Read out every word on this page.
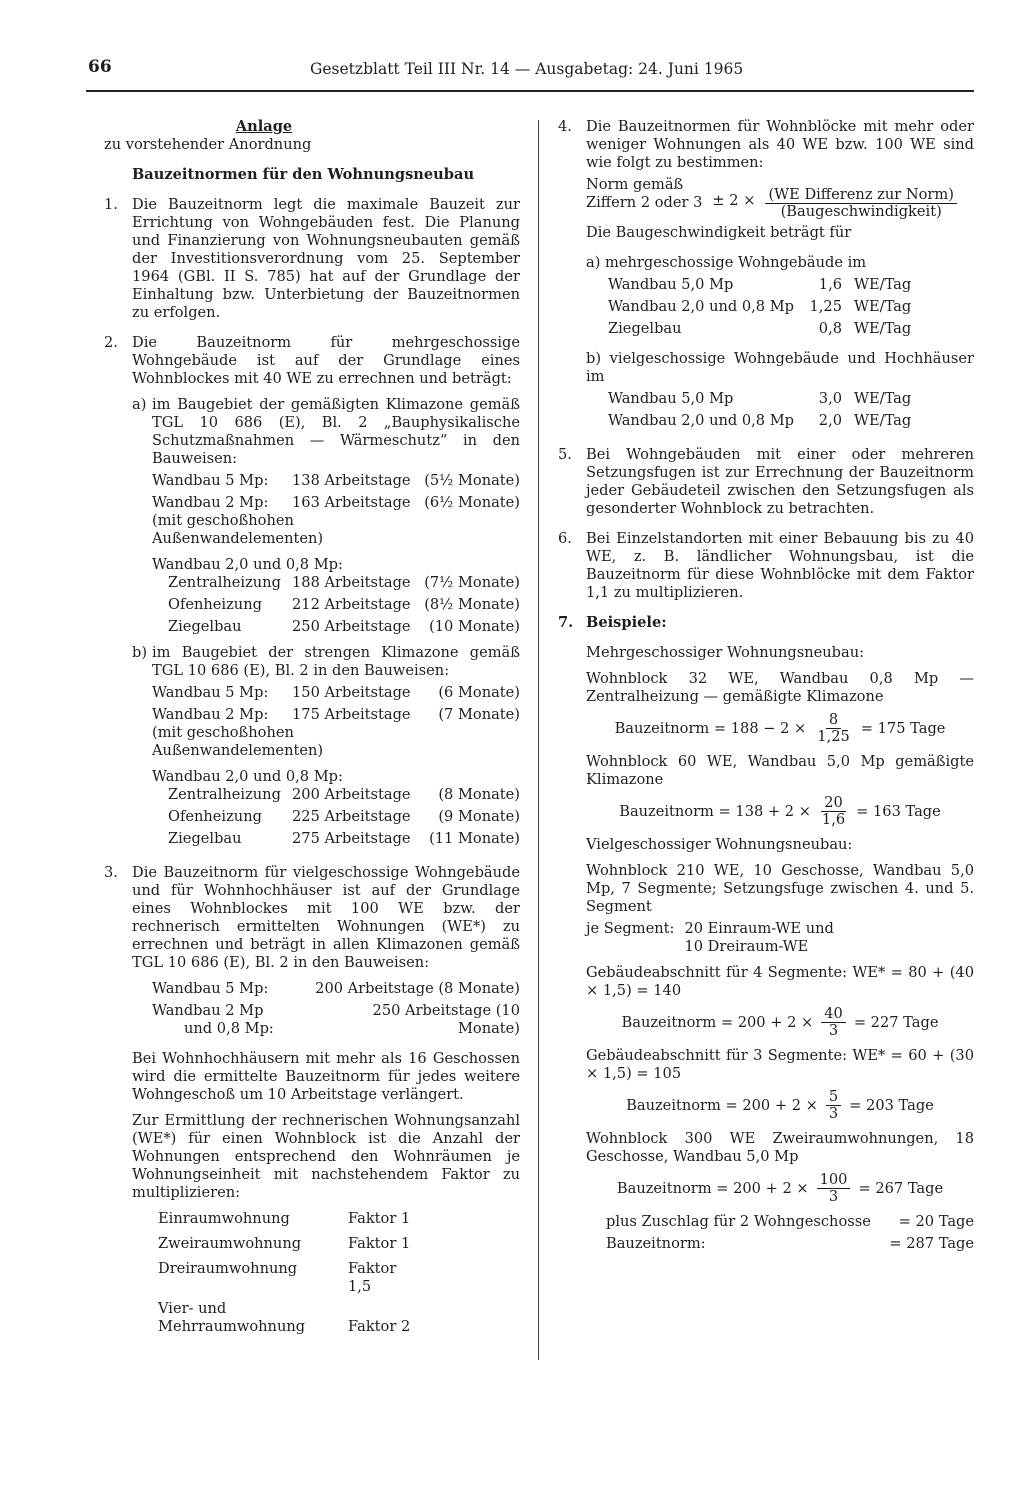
66	Gesetzblatt Teil III Nr. 14 — Ausgabetag: 24. Juni 1965

Anlage

zu vorstehender Anordnung

Bauzeitnormen für den Wohnungsneubau

1. Die Bauzeitnorm legt die maximale Bauzeit zur Errichtung von Wohngebäuden fest. Die Planung und Finanzierung von Wohnungsneubauten gemäß der Investitionsverordnung vom 25. September 1964 (GBl. II S. 785) hat auf der Grundlage der Einhaltung bzw. Unterbietung der Bauzeitnormen zu erfolgen.

2. Die Bauzeitnorm für mehrgeschossige Wohngebäude ist auf der Grundlage eines Wohnblockes mit 40 WE zu errechnen und beträgt:

a) im Baugebiet der gemäßigten Klimazone gemäß TGL 10 686 (E), Bl. 2 „Bauphysikalische Schutzmaßnahmen — Wärmeschutz“ in den Bauweisen:

Wandbau 5 Mp:	138 Arbeitstage	(5½ Monate)
Wandbau 2 Mp:	163 Arbeitstage	(6½ Monate)

(mit geschoßhohen

Außenwandelementen)

Wandbau 2,0 und 0,8 Mp:

Zentralheizung	188 Arbeitstage	(7½ Monate)
Ofenheizung	212 Arbeitstage	(8½ Monate)
Ziegelbau	250 Arbeitstage	(10 Monate)
b) im Baugebiet der strengen Klimazone gemäß TGL 10 686 (E), Bl. 2 in den Bauweisen:

Wandbau 5 Mp:	150 Arbeitstage	(6 Monate)
Wandbau 2 Mp:	175 Arbeitstage	(7 Monate)

(mit geschoßhohen

Außenwandelementen)

Wandbau 2,0 und 0,8 Mp:

Zentralheizung	200 Arbeitstage	(8 Monate)
Ofenheizung	225 Arbeitstage	(9 Monate)
Ziegelbau	275 Arbeitstage	(11 Monate)
3. Die Bauzeitnorm für vielgeschossige Wohngebäude und für Wohnhochhäuser ist auf der Grundlage eines Wohnblockes mit 100 WE bzw. der rechnerisch ermittelten Wohnungen (WE*) zu errechnen und beträgt in allen Klimazonen gemäß TGL 10 686 (E), Bl. 2 in den Bauweisen:

Wandbau 5 Mp:	200 Arbeitstage (8 Monate)
Wandbau 2 Mp
und 0,8 Mp:	250 Arbeitstage (10 Monate)

Bei Wohnhochhäusern mit mehr als 16 Geschossen wird die ermittelte Bauzeitnorm für jedes weitere Wohngeschoß um 10 Arbeitstage verlängert.

Zur Ermittlung der rechnerischen Wohnungsanzahl (WE*) für einen Wohnblock ist die Anzahl der Wohnungen entsprechend den Wohnräumen je Wohnungseinheit mit nachstehendem Faktor zu multiplizieren:

Einraumwohnung	Faktor 1
Zweiraumwohnung	Faktor 1
Dreiraumwohnung	Faktor 1,5
Vier- und
Mehrraumwohnung	Faktor 2
4. Die Bauzeitnormen für Wohnblöcke mit mehr oder weniger Wohnungen als 40 WE bzw. 100 WE sind wie folgt zu bestimmen:

Norm gemäß

Ziffern 2 oder $3 \pm 2 \times \frac{\text{(WE Differenz zur Norm)}}{\text{(Baugeschwindigkeit)}}$

Die Baugeschwindigkeit beträgt für

a) mehrgeschossige Wohngebäude im

Wandbau 5,0 Mp	1,6	WE/Tag
Wandbau 2,0 und 0,8 Mp	1,25	WE/Tag
Ziegelbau	0,8	WE/Tag

b) vielgeschossige Wohngebäude und Hochhäuser im

Wandbau 5,0 Mp	3,0	WE/Tag
Wandbau 2,0 und 0,8 Mp	2,0	WE/Tag
5. Bei Wohngebäuden mit einer oder mehreren Setzungsfugen ist zur Errechnung der Bauzeitnorm jeder Gebäudeteil zwischen den Setzungsfugen als gesonderter Wohnblock zu betrachten.

6. Bei Einzelstandorten mit einer Bebauung bis zu 40 WE, z. B. ländlicher Wohnungsbau, ist die Bauzeitnorm für diese Wohnblöcke mit dem Faktor 1,1 zu multiplizieren.

7. Beispiele:

Mehrgeschossiger Wohnungsneubau:

Wohnblock 32 WE, Wandbau 0,8 Mp — Zentralheizung — gemäßigte Klimazone

Bauzeitnorm = $188 - 2 \times \frac{8}{1,25} = 175$ Tage

Wohnblock 60 WE, Wandbau 5,0 Mp gemäßigte Klimazone

Bauzeitnorm = $138 + 2 \times \frac{20}{1,6} = 163$ Tage

Vielgeschossiger Wohnungsneubau:

Wohnblock 210 WE, 10 Geschosse, Wandbau 5,0 Mp, 7 Segmente; Setzungsfuge zwischen 4. und 5. Segment

je Segment: 20 Einraum-WE und

10 Dreiraum-WE

Gebäudeabschnitt für 4 Segmente: WE* = 80 + (40 × 1,5) = 140

Bauzeitnorm = $200 + 2 \times \frac{40}{3} = 227$ Tage

Gebäudeabschnitt für 3 Segmente: WE* = 60 + (30 × 1,5) = 105

Bauzeitnorm = $200 + 2 \times \frac{5}{3} = 203$ Tage

Wohnblock 300 WE Zweiraumwohnungen, 18 Geschosse, Wandbau 5,0 Mp

Bauzeitnorm = $200 + 2 \times \frac{100}{3} = 267$ Tage
plus Zuschlag für 2 Wohngeschosse	= 20 Tage
Bauzeitnorm:	= 287 Tage
